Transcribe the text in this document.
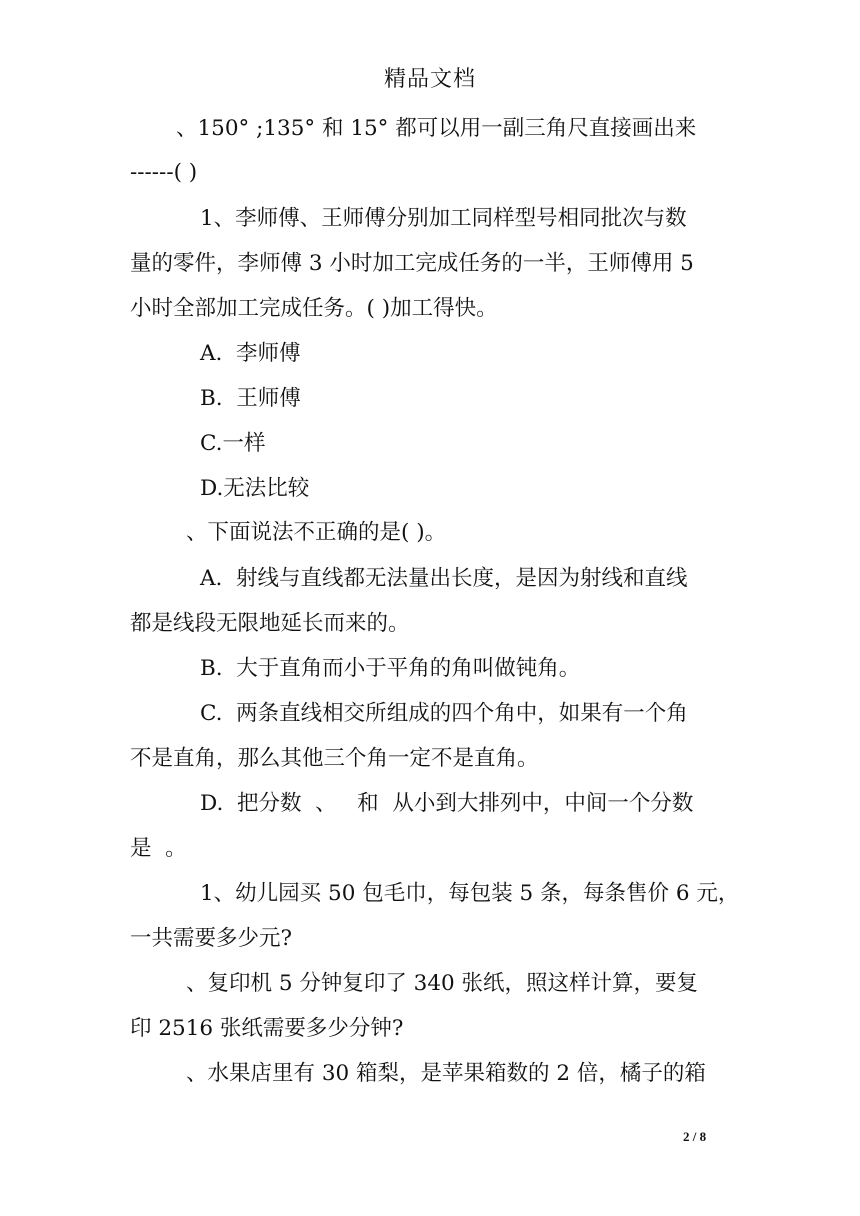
精品文档
、150° ;135° 和 15° 都可以用一副三角尺直接画出来
------( )
1、李师傅、王师傅分别加工同样型号相同批次与数
量的零件，李师傅 3 小时加工完成任务的一半，王师傅用 5
小时全部加工完成任务。( )加工得快。
A.  李师傅
B.  王师傅
C.一样
D.无法比较
、下面说法不正确的是( )。
A.  射线与直线都无法量出长度，是因为射线和直线
都是线段无限地延长而来的。
B.  大于直角而小于平角的角叫做钝角。
C.  两条直线相交所组成的四个角中，如果有一个角
不是直角，那么其他三个角一定不是直角。
D.  把分数  、   和  从小到大排列中，中间一个分数
是  。
1、幼儿园买 50 包毛巾，每包装 5 条，每条售价 6 元，
一共需要多少元?
、复印机 5 分钟复印了 340 张纸，照这样计算，要复
印 2516 张纸需要多少分钟?
、水果店里有 30 箱梨，是苹果箱数的 2 倍，橘子的箱
2 / 8
